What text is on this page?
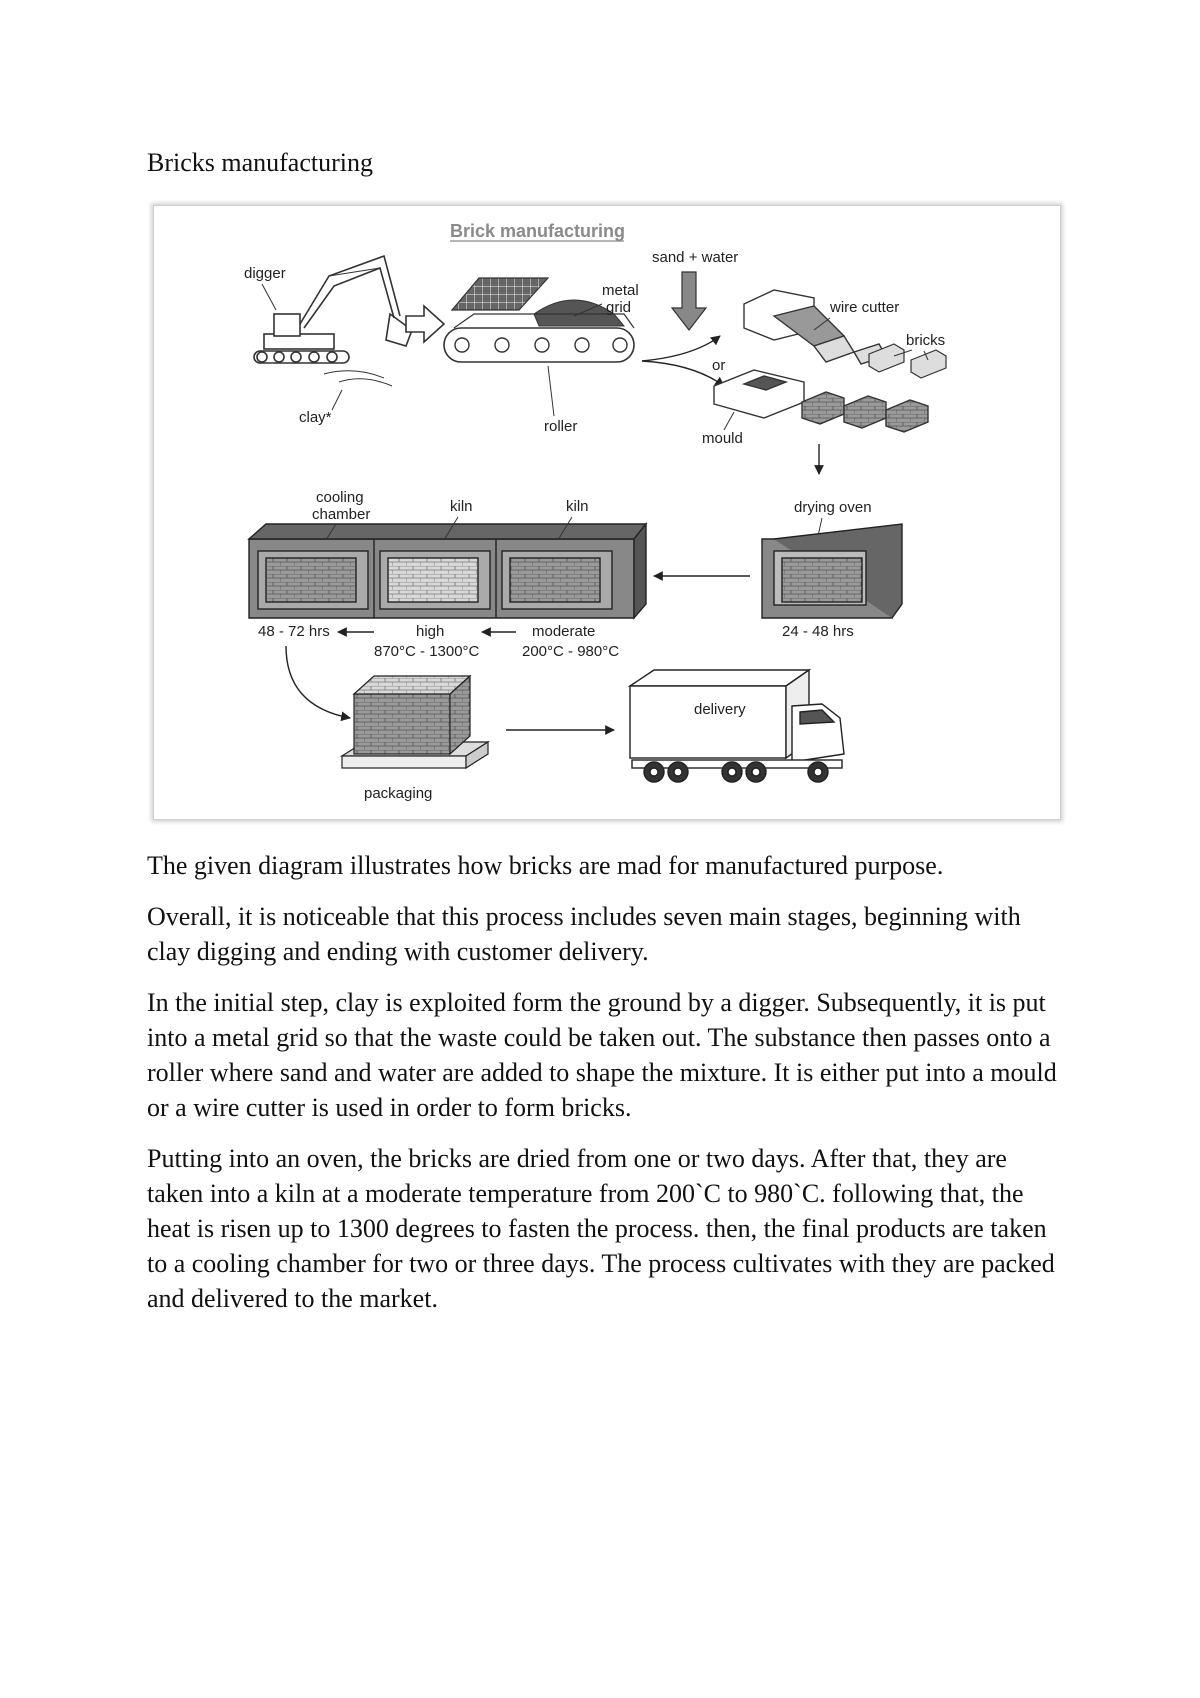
Bricks manufacturing
Brick manufacturing
digger
clay*
metal
grid
roller
sand + water
or
wire cutter
bricks
mould
drying oven
24 - 48 hrs
cooling
chamber	kiln	kiln
48 - 72 hrs	high
870°C - 1300°C
moderate
200°C - 980°C
packaging
delivery

The given diagram illustrates how bricks are mad for manufactured purpose.

Overall, it is noticeable that this process includes seven main stages, beginning with clay digging and ending with customer delivery.

In the initial step, clay is exploited form the ground by a digger. Subsequently, it is put into a metal grid so that the waste could be taken out. The substance then passes onto a roller where sand and water are added to shape the mixture. It is either put into a mould or a wire cutter is used in order to form bricks.

Putting into an oven, the bricks are dried from one or two days. After that, they are taken into a kiln at a moderate temperature from 200`C to 980`C. following that, the heat is risen up to 1300 degrees to fasten the process. then, the final products are taken to a cooling chamber for two or three days. The process cultivates with they are packed and delivered to the market.
